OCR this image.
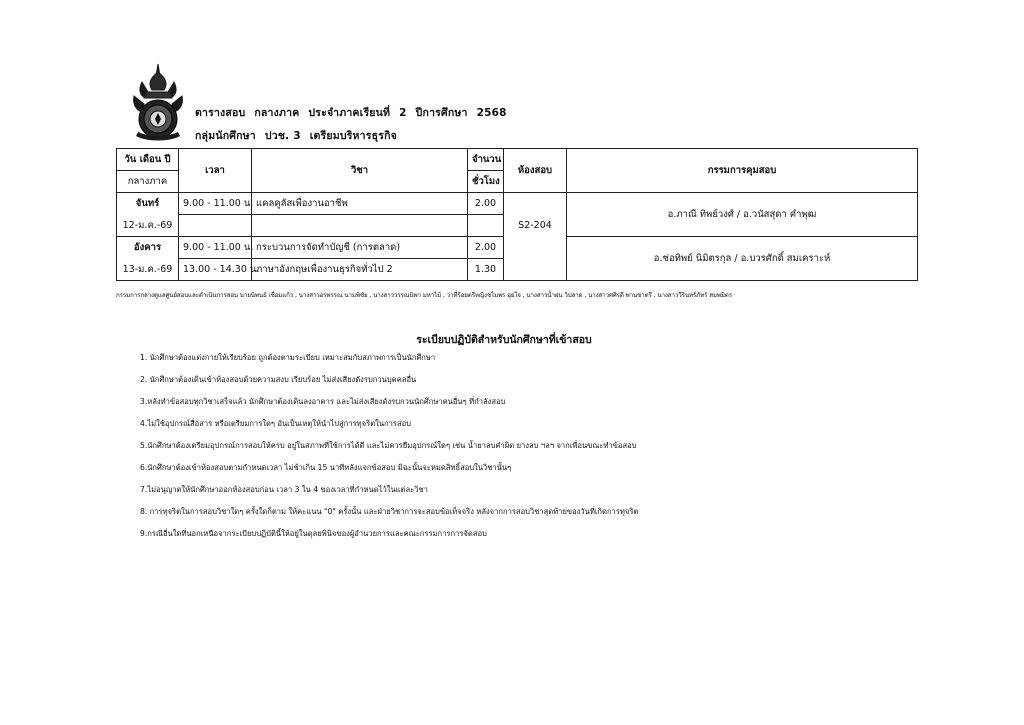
ตารางสอบ กลางภาค ประจำภาคเรียนที่ 2 ปีการศึกษา 2568
กลุ่มนักศึกษา ปวช. 3 เตรียมบริหารธุรกิจ
วัน เดือน ปี	เวลา	วิชา	จำนวน	ห้องสอบ	กรรมการคุมสอบ
กลางภาค			ชั่วโมง		
จันทร์	9.00 - 11.00 น.	แคลคูลัสเพื่องานอาชีพ	2.00		อ.ภาณี ทิพย์วงศ์ / อ.วนัสสุดา คำพุฒ
12-ม.ค.-69				S2-204	
อังคาร	9.00 - 11.00 น.	กระบวนการจัดทำบัญชี (การตลาด)	2.00		อ.ช่อทิพย์ นิมิตรกุล / อ.บวรศักดิ์ สมเคราะห์
13-ม.ค.-69	13.00 - 14.30 น.	ภาษาอังกฤษเพื่องานธุรกิจทั่วไป 2	1.30		
กรรมการกลางดูแลศูนย์สอบและดำเนินการสอบ นายนิพนธ์ เชื่อมแก้ว , นางสาวอรพรรณ นามพิชัย , นางสาววรรณนิพา มหาไม้ , ว่าที่ร้อยตรีหญิงชไมพร ฮุยใจ , นางสาวน้ำฝน วิปลาด , นางสาวศศิรดี พานชาตรี , นางสาววีรินทร์ภัทร์ สมพมิตร
ระเบียบปฏิบัติสำหรับนักศึกษาที่เข้าสอบ
1. นักศึกษาต้องแต่งกายให้เรียบร้อย ถูกต้องตามระเบียบ เหมาะสมกับสภาพการเป็นนักศึกษา
2. นักศึกษาต้องเดินเข้าห้องสอบด้วยความสงบ เรียบร้อย ไม่ส่งเสียงดังรบกวนบุคคลอื่น
3.หลังทำข้อสอบทุกวิชาเสร็จแล้ว นักศึกษาต้องเดินลงอาคาร และไม่ส่งเสียงดังรบกวนนักศึกษาคนอื่นๆ ที่กำลังสอบ
4.ไม่ใช้อุปกรณ์สื่อสาร หรือเตรียมการใดๆ อันเป็นเหตุให้นำไปสู่การทุจริตในการสอบ
5.นักศึกษาต้องเตรียมอุปกรณ์การสอบให้ครบ อยู่ในสภาพที่ใช้การได้ดี และไม่ควรยืมอุปกรณ์ใดๆ เช่น น้ำยาลบคำผิด ยางลบ ฯลฯ จากเพื่อนขณะทำข้อสอบ
6.นักศึกษาต้องเข้าห้องสอบตามกำหนดเวลา ไม่ช้าเกิน 15 นาทีหลังแจกข้อสอบ มิฉะนั้นจะหมดสิทธิ์สอบในวิชานั้นๆ
7.ไม่อนุญาตให้นักศึกษาออกห้องสอบก่อน เวลา 3 ใน 4 ของเวลาที่กำหนดไว้ในแต่ละวิชา
8. การทุจริตในการสอบวิชาใดๆ ครั้งใดก็ตาม ให้คะแนน "0" ครั้งนั้น และฝ่ายวิชาการจะสอบข้อเท็จจริง หลังจากการสอบวิชาสุดท้ายของวันที่เกิดการทุจริต
9.กรณีอื่นใดที่นอกเหนือจากระเบียบปฏิบัตินี้ให้อยู่ในดุลยพินิจของผู้อำนวยการและคณะกรรมการการจัดสอบ
